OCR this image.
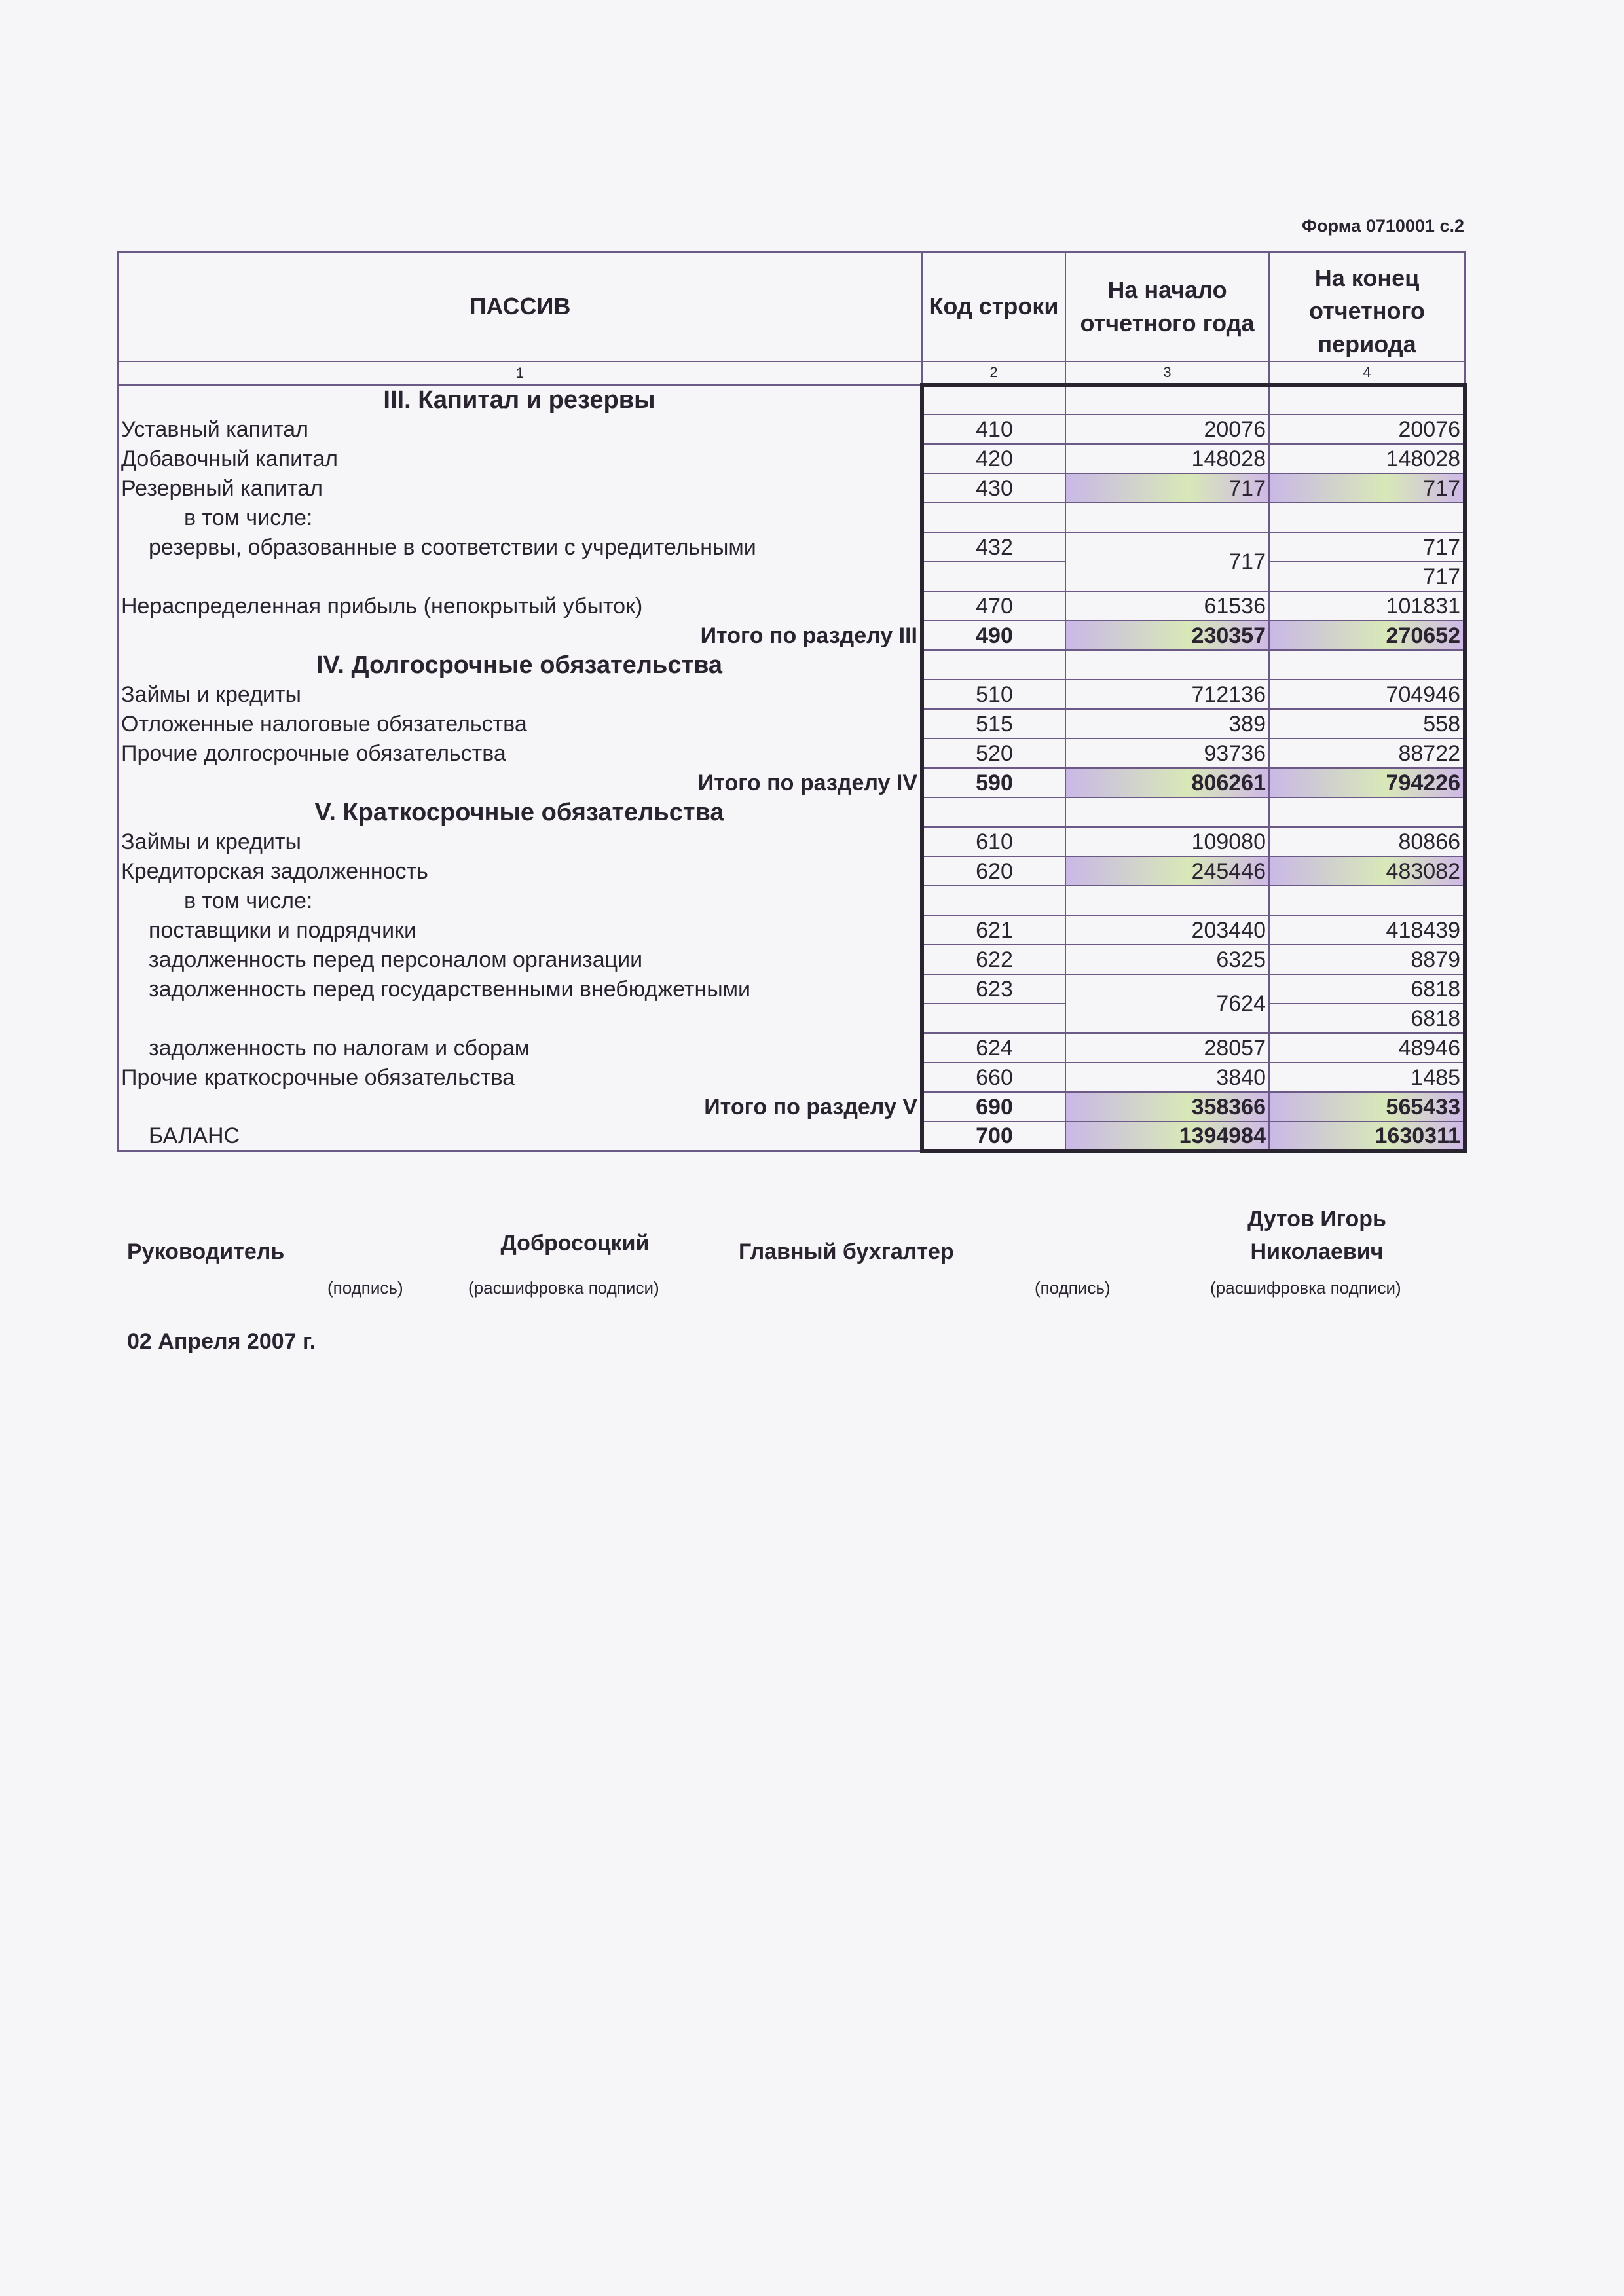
Форма 0710001 с.2
ПАССИВ	Код строки	На начало отчетного года	На конец отчетного периода
1	2	3	4
III. Капитал и резервы			
Уставный капитал	410	20076	20076
Добавочный капитал	420	148028	148028
Резервный капитал	430	717	717
в том числе:			
резервы, образованные в соответствии с учредительными	432	717	717
			717
Нераспределенная прибыль (непокрытый убыток)	470	61536	101831
Итого по разделу III	490	230357	270652
IV. Долгосрочные обязательства			
Займы и кредиты	510	712136	704946
Отложенные налоговые обязательства	515	389	558
Прочие долгосрочные обязательства	520	93736	88722
Итого по разделу IV	590	806261	794226
V. Краткосрочные обязательства			
Займы и кредиты	610	109080	80866
Кредиторская задолженность	620	245446	483082
в том числе:			
поставщики и подрядчики	621	203440	418439
задолженность перед персоналом организации	622	6325	8879
задолженность перед государственными внебюджетными	623	7624	6818
			6818
задолженность по налогам и сборам	624	28057	48946
Прочие краткосрочные обязательства	660	3840	1485
Итого по разделу V	690	358366	565433
БАЛАНС	700	1394984	1630311
Руководитель	Добросоцкий	Главный бухгалтер
Дутов Игорь
Николаевич
(подпись)	(расшифровка подписи)	(подпись)	(расшифровка подписи)
02 Апреля 2007 г.
